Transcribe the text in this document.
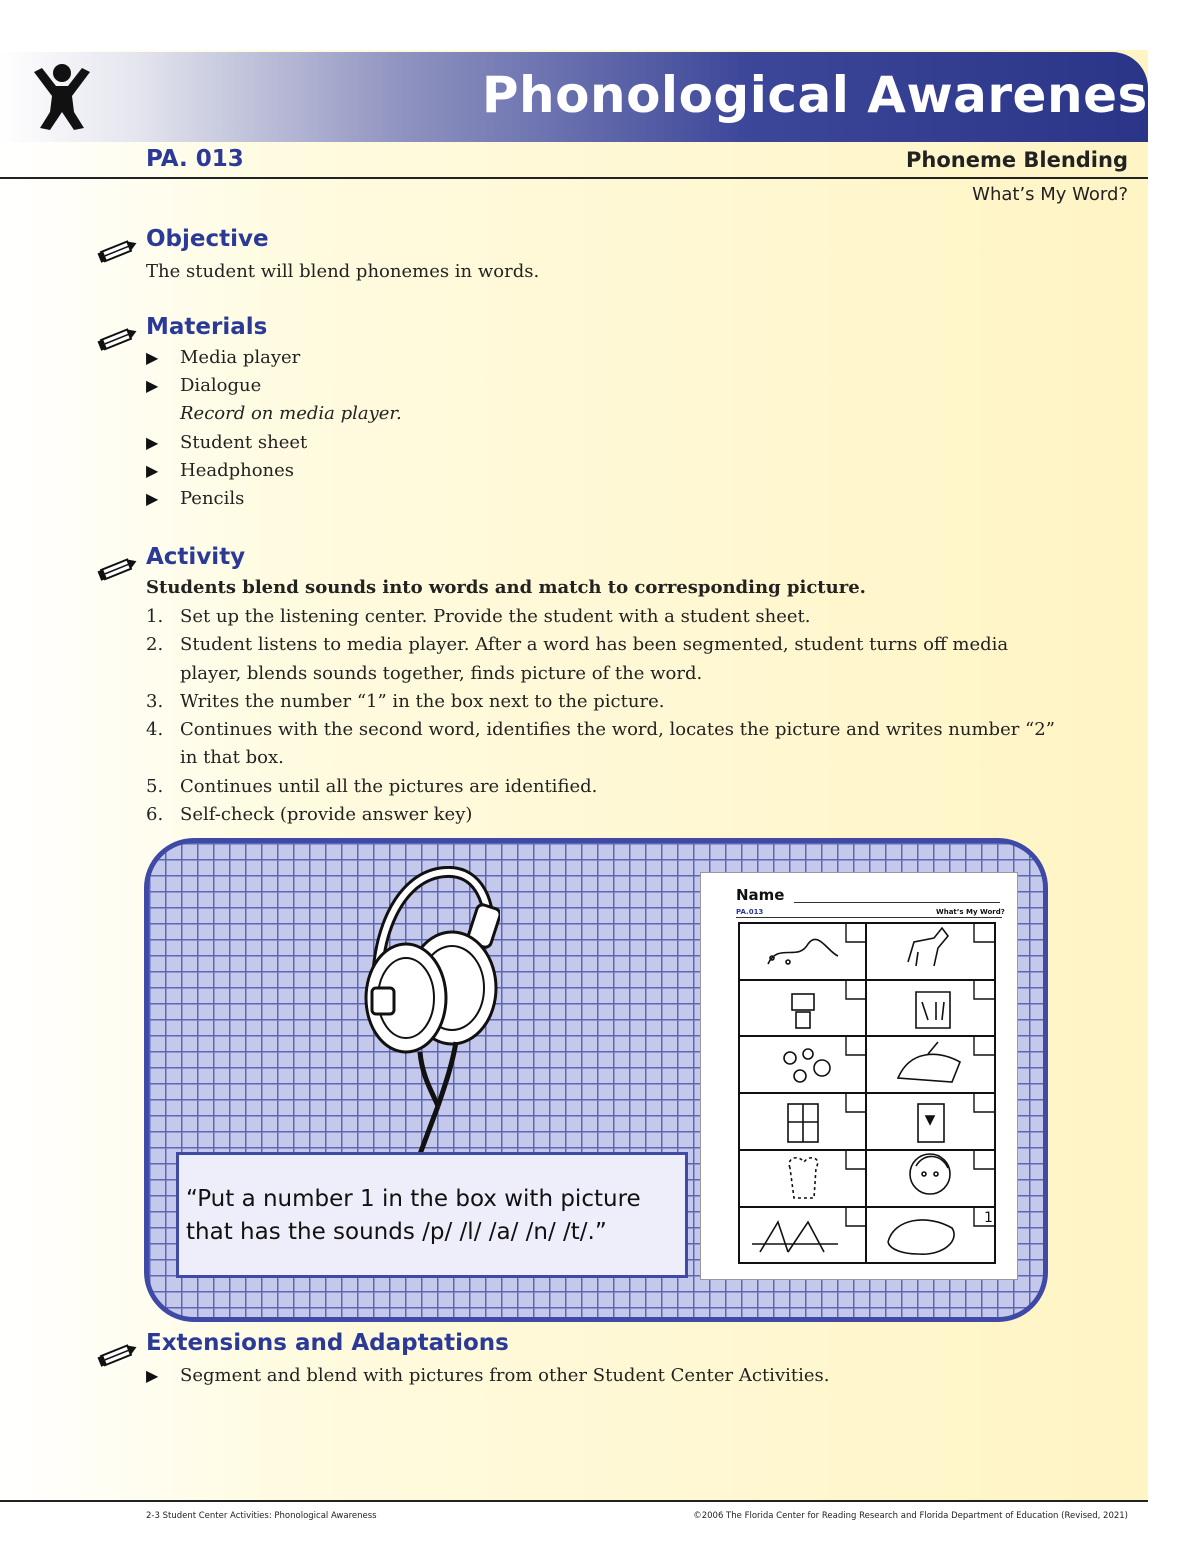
Phonological Awareness
PA. 013	Phoneme Blending
What’s My Word?
Objective
The student will blend phonemes in words.
Materials
▶ Media player
▶ Dialogue
Record on media player.
▶ Student sheet
▶ Headphones
▶ Pencils
Activity
Students blend sounds into words and match to corresponding picture.
1. Set up the listening center. Provide the student with a student sheet.
2. Student listens to media player. After a word has been segmented, student turns off media
player, blends sounds together, finds picture of the word.
3. Writes the number “1” in the box next to the picture.
4. Continues with the second word, identifies the word, locates the picture and writes number “2”
in that box.
5. Continues until all the pictures are identified.
6. Self-check (provide answer key)
“Put a number 1 in the box with picture
that has the sounds /p/ /l/ /a/ /n/ /t/.”
Name
PA.013	What’s My Word?
1
Extensions and Adaptations
▶ Segment and blend with pictures from other Student Center Activities.
2-3 Student Center Activities: Phonological Awareness	©2006 The Florida Center for Reading Research and Florida Department of Education (Revised, 2021)
